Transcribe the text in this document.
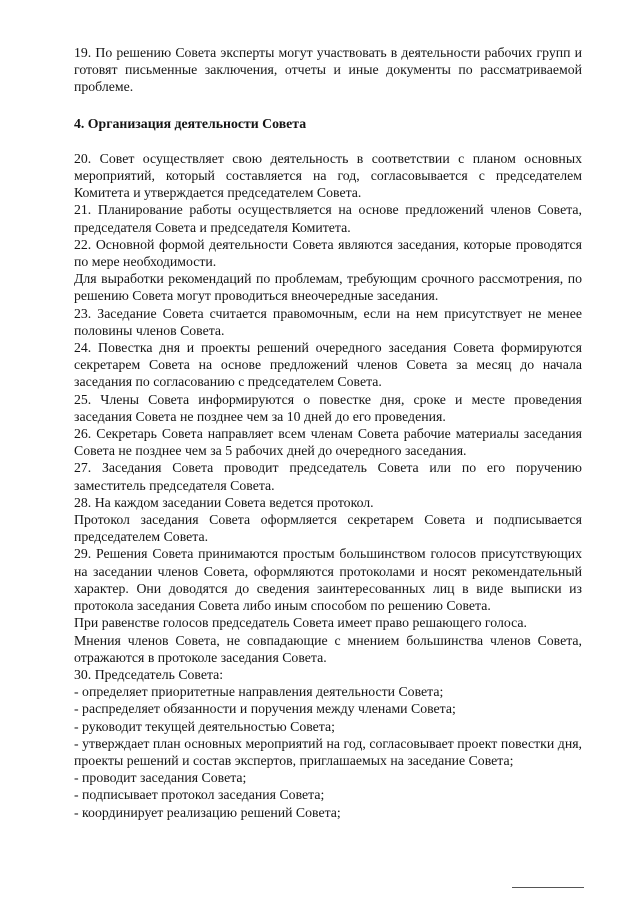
19. По решению Совета эксперты могут участвовать в деятельности рабочих групп и готовят письменные заключения, отчеты и иные документы по рассматриваемой проблеме.

4. Организация деятельности Совета

20. Совет осуществляет свою деятельность в соответствии с планом основных мероприятий, который составляется на год, согласовывается с председателем Комитета и утверждается председателем Совета.

21. Планирование работы осуществляется на основе предложений членов Совета, председателя Совета и председателя Комитета.

22. Основной формой деятельности Совета являются заседания, которые проводятся по мере необходимости.

Для выработки рекомендаций по проблемам, требующим срочного рассмотрения, по решению Совета могут проводиться внеочередные заседания.

23. Заседание Совета считается правомочным, если на нем присутствует не менее половины членов Совета.

24. Повестка дня и проекты решений очередного заседания Совета формируются секретарем Совета на основе предложений членов Совета за месяц до начала заседания по согласованию с председателем Совета.

25. Члены Совета информируются о повестке дня, сроке и месте проведения заседания Совета не позднее чем за 10 дней до его проведения.

26. Секретарь Совета направляет всем членам Совета рабочие материалы заседания Совета не позднее чем за 5 рабочих дней до очередного заседания.

27. Заседания Совета проводит председатель Совета или по его поручению заместитель председателя Совета.

28. На каждом заседании Совета ведется протокол.

Протокол заседания Совета оформляется секретарем Совета и подписывается председателем Совета.

29. Решения Совета принимаются простым большинством голосов присутствующих на заседании членов Совета, оформляются протоколами и носят рекомендательный характер. Они доводятся до сведения заинтересованных лиц в виде выписки из протокола заседания Совета либо иным способом по решению Совета.

При равенстве голосов председатель Совета имеет право решающего голоса.

Мнения членов Совета, не совпадающие с мнением большинства членов Совета, отражаются в протоколе заседания Совета.

30. Председатель Совета:

- определяет приоритетные направления деятельности Совета;

- распределяет обязанности и поручения между членами Совета;

- руководит текущей деятельностью Совета;

- утверждает план основных мероприятий на год, согласовывает проект повестки дня, проекты решений и состав экспертов, приглашаемых на заседание Совета;

- проводит заседания Совета;

- подписывает протокол заседания Совета;

- координирует реализацию решений Совета;
